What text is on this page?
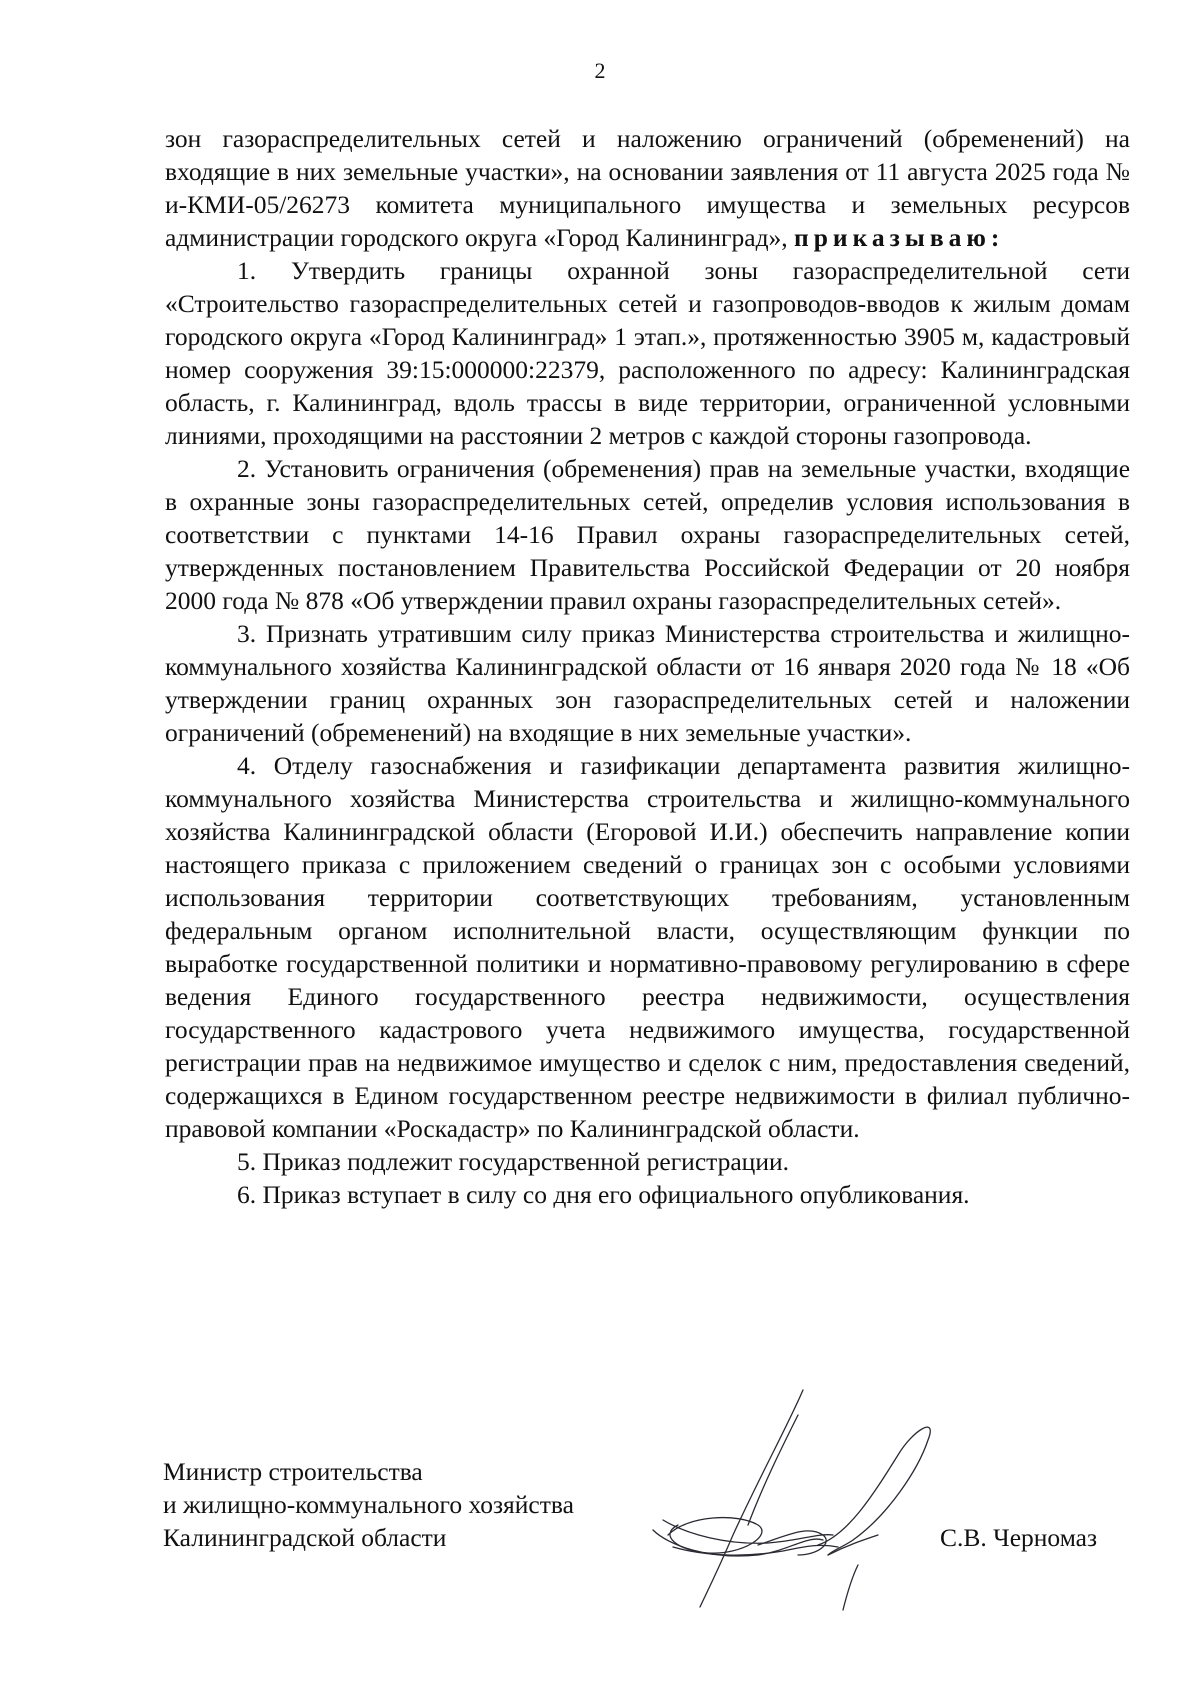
2

зон газораспределительных сетей и наложению ограничений (обременений) на входящие в них земельные участки», на основании заявления от 11 августа 2025 года № и-КМИ-05/26273 комитета муниципального имущества и земельных ресурсов администрации городского округа «Город Калининград», приказываю:

1. Утвердить границы охранной зоны газораспределительной сети «Строительство газораспределительных сетей и газопроводов-вводов к жилым домам городского округа «Город Калининград» 1 этап.», протяженностью 3905 м, кадастровый номер сооружения 39:15:000000:22379, расположенного по адресу: Калининградская область, г. Калининград, вдоль трассы в виде территории, ограниченной условными линиями, проходящими на расстоянии 2 метров с каждой стороны газопровода.

2. Установить ограничения (обременения) прав на земельные участки, входящие в охранные зоны газораспределительных сетей, определив условия использования в соответствии с пунктами 14-16 Правил охраны газораспределительных сетей, утвержденных постановлением Правительства Российской Федерации от 20 ноября 2000 года № 878 «Об утверждении правил охраны газораспределительных сетей».

3. Признать утратившим силу приказ Министерства строительства и жилищно-коммунального хозяйства Калининградской области от 16 января 2020 года № 18 «Об утверждении границ охранных зон газораспределительных сетей и наложении ограничений (обременений) на входящие в них земельные участки».

4. Отделу газоснабжения и газификации департамента развития жилищно-коммунального хозяйства Министерства строительства и жилищно-коммунального хозяйства Калининградской области (Егоровой И.И.) обеспечить направление копии настоящего приказа с приложением сведений о границах зон с особыми условиями использования территории соответствующих требованиям, установленным федеральным органом исполнительной власти, осуществляющим функции по выработке государственной политики и нормативно-правовому регулированию в сфере ведения Единого государственного реестра недвижимости, осуществления государственного кадастрового учета недвижимого имущества, государственной регистрации прав на недвижимое имущество и сделок с ним, предоставления сведений, содержащихся в Едином государственном реестре недвижимости в филиал публично-правовой компании «Роскадастр» по Калининградской области.

5. Приказ подлежит государственной регистрации.

6. Приказ вступает в силу со дня его официального опубликования.

Министр строительства
и жилищно-коммунального хозяйства
Калининградской области	С.В. Черномаз
